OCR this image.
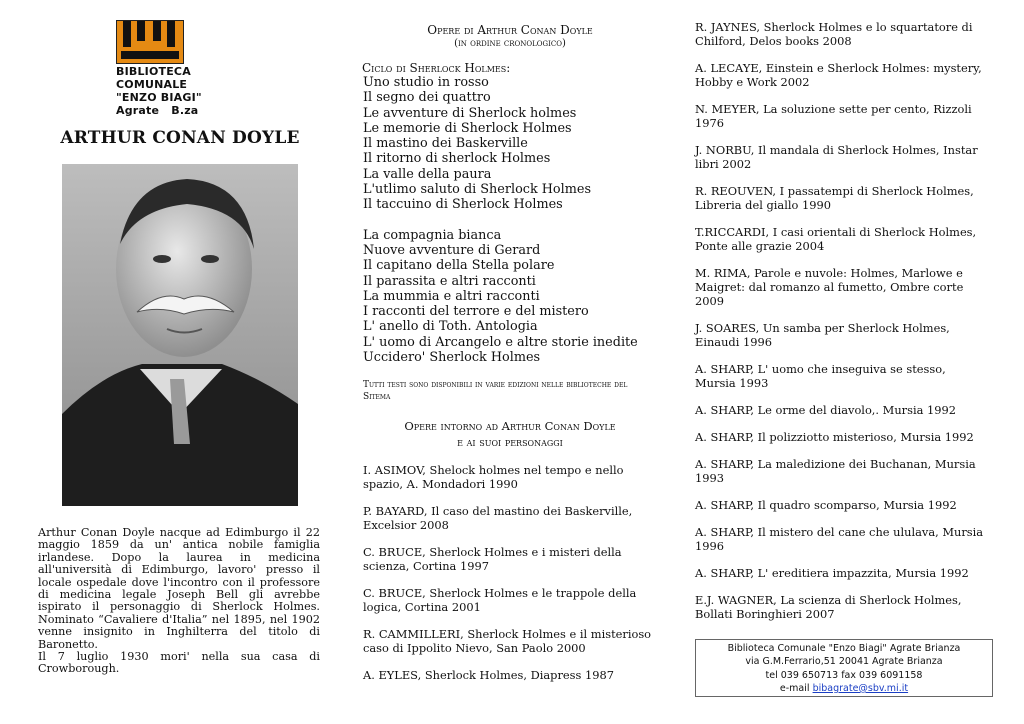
BIBLIOTECA
COMUNALE
"ENZO BIAGI"
Agrate   B.za
ARTHUR CONAN DOYLE
Arthur Conan Doyle nacque ad Edimburgo il 22 maggio 1859 da un' antica nobile famiglia irlandese. Dopo la laurea in medicina all'università di Edimburgo, lavoro' presso il locale ospedale dove l'incontro con il professore di medicina legale Joseph Bell gli avrebbe ispirato il personaggio di Sherlock Holmes. Nominato “Cavaliere d'Italia” nel 1895, nel 1902 venne insignito in Inghilterra del titolo di Baronetto.
Il 7 luglio 1930 mori' nella sua casa di Crowborough.
Opere di Arthur Conan Doyle
(in ordine cronologico)
Ciclo di Sherlock Holmes:
Uno studio in rosso
Il segno dei quattro
Le avventure di Sherlock holmes
Le memorie di Sherlock Holmes
Il mastino dei Baskerville
Il ritorno di sherlock Holmes
La valle della paura
L'utlimo saluto di Sherlock Holmes
Il taccuino di Sherlock Holmes
La compagnia bianca
Nuove avventure di Gerard
Il capitano della Stella polare
Il parassita e altri racconti
La mummia e altri racconti
I racconti del terrore e del mistero
L' anello di Toth. Antologia
L' uomo di Arcangelo e altre storie inedite
Uccidero' Sherlock Holmes
Tutti testi sono disponibili in varie edizioni nelle biblioteche del Sitema
Opere intorno ad Arthur Conan Doyle
e ai suoi personaggi
I. ASIMOV, Shelock holmes nel tempo e nello spazio, A. Mondadori 1990
P. BAYARD, Il caso del mastino dei Baskerville, Excelsior 2008
C. BRUCE, Sherlock Holmes e i misteri della scienza, Cortina 1997
C. BRUCE, Sherlock Holmes e le trappole della logica, Cortina 2001
R. CAMMILLERI, Sherlock Holmes e il misterioso caso di Ippolito Nievo, San Paolo 2000
A. EYLES, Sherlock Holmes, Diapress 1987
R. JAYNES, Sherlock Holmes e lo squartatore di Chilford, Delos books 2008
A. LECAYE, Einstein e Sherlock Holmes: mystery, Hobby e Work 2002
N. MEYER, La soluzione sette per cento, Rizzoli 1976
J. NORBU, Il mandala di Sherlock Holmes, Instar libri 2002
R. REOUVEN, I passatempi di Sherlock Holmes, Libreria del giallo 1990
T.RICCARDI, I casi orientali di Sherlock Holmes, Ponte alle grazie 2004
M. RIMA, Parole e nuvole: Holmes, Marlowe e Maigret: dal romanzo al fumetto, Ombre corte 2009
J. SOARES, Un samba per Sherlock Holmes, Einaudi 1996
A. SHARP, L' uomo che inseguiva se stesso, Mursia 1993
A. SHARP, Le orme del diavolo,. Mursia 1992
A. SHARP, Il polizziotto misterioso, Mursia 1992
A. SHARP, La maledizione dei Buchanan, Mursia 1993
A. SHARP, Il quadro scomparso, Mursia 1992
A. SHARP, Il mistero del cane che ululava, Mursia 1996
A. SHARP, L' ereditiera impazzita, Mursia 1992
E.J. WAGNER, La scienza di Sherlock Holmes, Bollati Boringhieri 2007
Biblioteca Comunale "Enzo Biagi" Agrate Brianza
via G.M.Ferrario,51 20041 Agrate Brianza
tel 039 650713 fax 039 6091158
e-mail bibagrate@sbv.mi.it
